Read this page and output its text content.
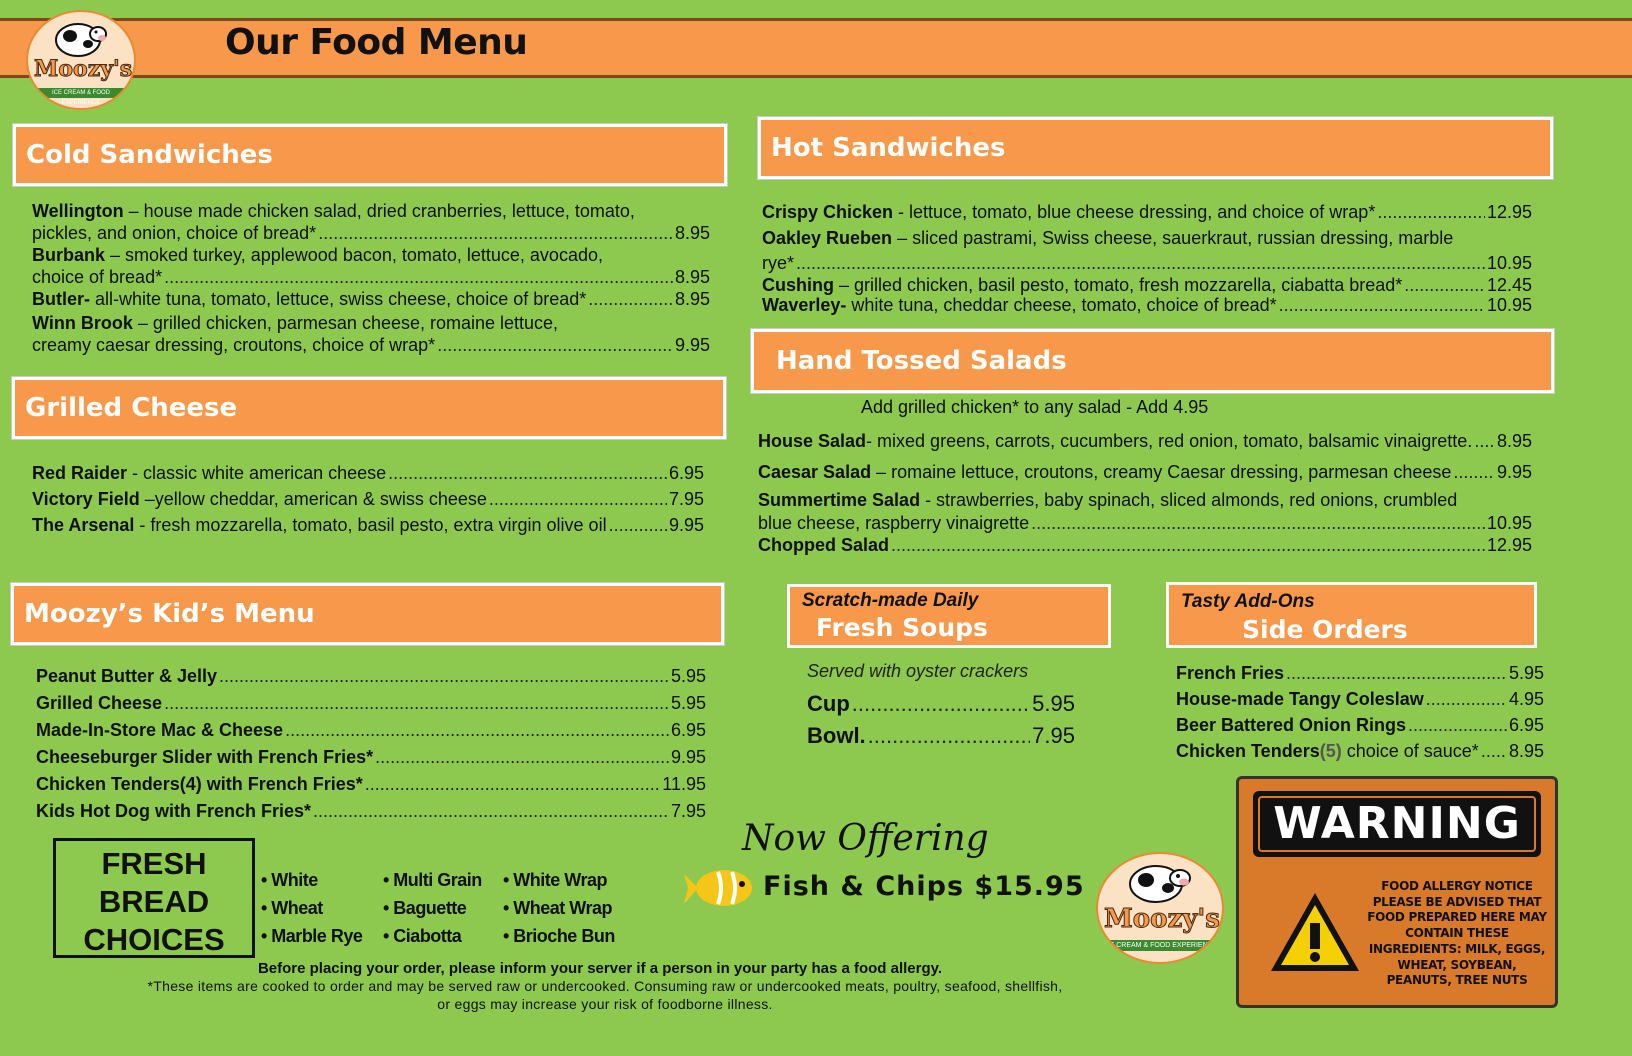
Our Food Menu
Moozy's
ICE CREAM & FOOD EXPERIENCE
Cold Sandwiches
Wellington – house made chicken salad, dried cranberries, lettuce, tomato,
pickles, and onion, choice of bread* .....	8.95
Burbank – smoked turkey, applewood bacon, tomato, lettuce, avocado,
choice of bread* .....	8.95
Butler- all-white tuna, tomato, lettuce, swiss cheese, choice of bread* .....	8.95
Winn Brook – grilled chicken, parmesan cheese, romaine lettuce,
creamy caesar dressing, croutons, choice of wrap* .....	9.95
Grilled Cheese
Red Raider - classic white american cheese .....	6.95
Victory Field –yellow cheddar, american & swiss cheese .....	7.95
The Arsenal - fresh mozzarella, tomato, basil pesto, extra virgin olive oil .....	9.95
Moozy’s Kid’s Menu
Peanut Butter & Jelly .....	5.95
Grilled Cheese .....	5.95
Made-In-Store Mac & Cheese .....	6.95
Cheeseburger Slider with French Fries* .....	9.95
Chicken Tenders(4) with French Fries* .....	11.95
Kids Hot Dog with French Fries* .....	7.95
Hot Sandwiches
Crispy Chicken - lettuce, tomato, blue cheese dressing, and choice of wrap* .....	12.95
Oakley Rueben – sliced pastrami, Swiss cheese, sauerkraut, russian dressing, marble
rye* .....	10.95
Cushing – grilled chicken, basil pesto, tomato, fresh mozzarella, ciabatta bread* .....	12.45
Waverley- white tuna, cheddar cheese, tomato, choice of bread* .....	10.95
Hand Tossed Salads
Add grilled chicken* to any salad - Add 4.95
House Salad- mixed greens, carrots, cucumbers, red onion, tomato, balsamic vinaigrette. ..... 8.95
Caesar Salad – romaine lettuce, croutons, creamy Caesar dressing, parmesan cheese .....	9.95
Summertime Salad - strawberries, baby spinach, sliced almonds, red onions, crumbled
blue cheese, raspberry vinaigrette .....	10.95
Chopped Salad .....	12.95
Scratch-made Daily
Fresh Soups
Served with oyster crackers
Cup .....	5.95
Bowl. .....	7.95
Tasty Add-Ons
Side Orders
French Fries .....	5.95
House-made Tangy Coleslaw .....	4.95
Beer Battered Onion Rings .....	6.95
Chicken Tenders(5) choice of sauce* ..... 8.95
FRESH
BREAD
CHOICES
• White
• Wheat
• Marble Rye
• Multi Grain
• Baguette
• Ciabotta
• White Wrap
• Wheat Wrap
• Brioche Bun
Now Offering
Fish & Chips $15.95
Moozy's
ICE CREAM & FOOD EXPERIENCE
WARNING
FOOD ALLERGY NOTICE
PLEASE BE ADVISED THAT
FOOD PREPARED HERE MAY
CONTAIN THESE
INGREDIENTS: MILK, EGGS,
WHEAT, SOYBEAN,
PEANUTS, TREE NUTS
Before placing your order, please inform your server if a person in your party has a food allergy.
*These items are cooked to order and may be served raw or undercooked. Consuming raw or undercooked meats, poultry, seafood, shellfish,
or eggs may increase your risk of foodborne illness.
